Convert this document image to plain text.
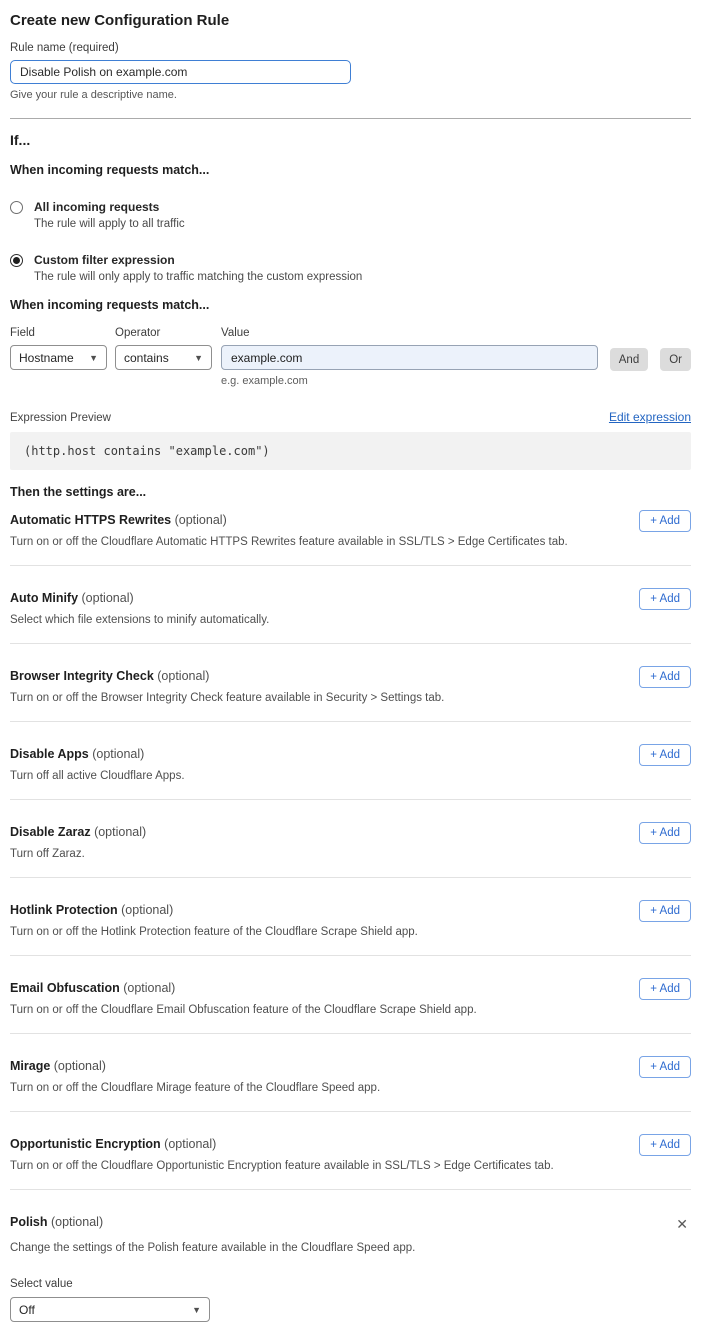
Create new Configuration Rule
Rule name (required)
Disable Polish on example.com
Give your rule a descriptive name.
If...
When incoming requests match...
All incoming requests
The rule will apply to all traffic
Custom filter expression
The rule will only apply to traffic matching the custom expression
When incoming requests match...
Field
Hostname	▼
Operator
contains	▼
Value
example.com
e.g. example.com
And	Or
Expression Preview	Edit expression
(http.host contains "example.com")
Then the settings are...
Automatic HTTPS Rewrites (optional)
Turn on or off the Cloudflare Automatic HTTPS Rewrites feature available in SSL/TLS > Edge Certificates tab.
+ Add
Auto Minify (optional)
Select which file extensions to minify automatically.
+ Add
Browser Integrity Check (optional)
Turn on or off the Browser Integrity Check feature available in Security > Settings tab.
+ Add
Disable Apps (optional)
Turn off all active Cloudflare Apps.
+ Add
Disable Zaraz (optional)
Turn off Zaraz.
+ Add
Hotlink Protection (optional)
Turn on or off the Hotlink Protection feature of the Cloudflare Scrape Shield app.
+ Add
Email Obfuscation (optional)
Turn on or off the Cloudflare Email Obfuscation feature of the Cloudflare Scrape Shield app.
+ Add
Mirage (optional)
Turn on or off the Cloudflare Mirage feature of the Cloudflare Speed app.
+ Add
Opportunistic Encryption (optional)
Turn on or off the Cloudflare Opportunistic Encryption feature available in SSL/TLS > Edge Certificates tab.
+ Add
Polish (optional)	✕
Change the settings of the Polish feature available in the Cloudflare Speed app.
Select value
Off	▼
